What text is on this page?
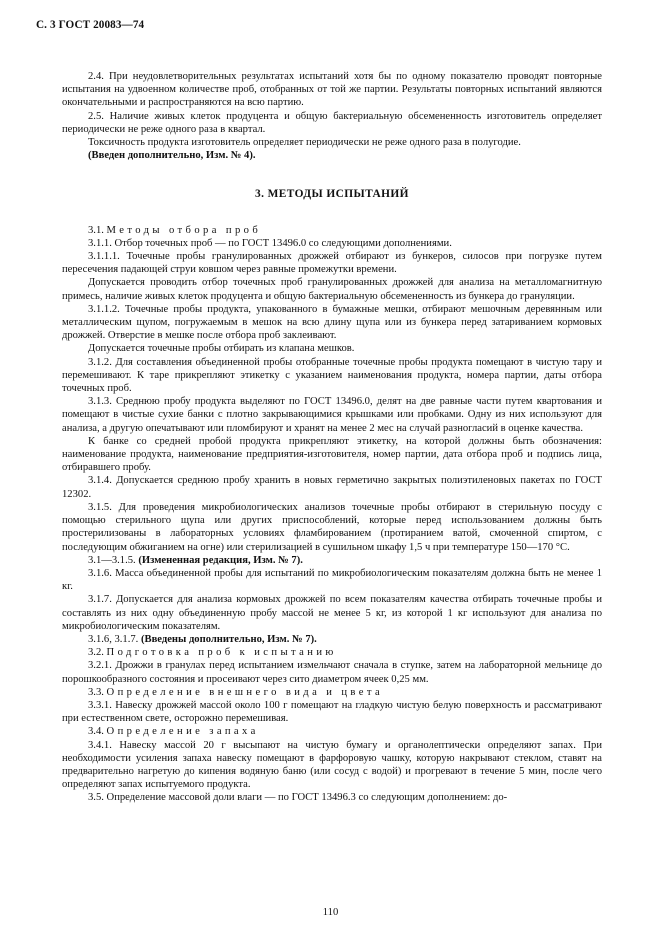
С. 3 ГОСТ 20083—74

2.4. При неудовлетворительных результатах испытаний хотя бы по одному показателю проводят повторные испытания на удвоенном количестве проб, отобранных от той же партии. Результаты повторных испытаний являются окончательными и распространяются на всю партию.

2.5. Наличие живых клеток продуцента и общую бактериальную обсемененность изготовитель определяет периодически не реже одного раза в квартал.

Токсичность продукта изготовитель определяет периодически не реже одного раза в полугодие.

(Введен дополнительно, Изм. № 4).

3. МЕТОДЫ ИСПЫТАНИЙ

3.1. Методы отбора проб

3.1.1. Отбор точечных проб — по ГОСТ 13496.0 со следующими дополнениями.

3.1.1.1. Точечные пробы гранулированных дрожжей отбирают из бункеров, силосов при погрузке путем пересечения падающей струи ковшом через равные промежутки времени.

Допускается проводить отбор точечных проб гранулированных дрожжей для анализа на металломагнитную примесь, наличие живых клеток продуцента и общую бактериальную обсемененность из бункера до грануляции.

3.1.1.2. Точечные пробы продукта, упакованного в бумажные мешки, отбирают мешочным деревянным или металлическим щупом, погружаемым в мешок на всю длину щупа или из бункера перед затариванием кормовых дрожжей. Отверстие в мешке после отбора проб заклеивают.

Допускается точечные пробы отбирать из клапана мешков.

3.1.2. Для составления объединенной пробы отобранные точечные пробы продукта помещают в чистую тару и перемешивают. К таре прикрепляют этикетку с указанием наименования продукта, номера партии, даты отбора точечных проб.

3.1.3. Среднюю пробу продукта выделяют по ГОСТ 13496.0, делят на две равные части путем квартования и помещают в чистые сухие банки с плотно закрывающимися крышками или пробками. Одну из них используют для анализа, а другую опечатывают или пломбируют и хранят на менее 2 мес на случай разногласий в оценке качества.

К банке со средней пробой продукта прикрепляют этикетку, на которой должны быть обозначения: наименование продукта, наименование предприятия-изготовителя, номер партии, дата отбора проб и подпись лица, отбиравшего пробу.

3.1.4. Допускается среднюю пробу хранить в новых герметично закрытых полиэтиленовых пакетах по ГОСТ 12302.

3.1.5. Для проведения микробиологических анализов точечные пробы отбирают в стерильную посуду с помощью стерильного щупа или других приспособлений, которые перед использованием должны быть простерилизованы в лабораторных условиях фламбированием (протиранием ватой, смоченной спиртом, с последующим обжиганием на огне) или стерилизацией в сушильном шкафу 1,5 ч при температуре 150—170 °С.

3.1—3.1.5. (Измененная редакция, Изм. № 7).

3.1.6. Масса объединенной пробы для испытаний по микробиологическим показателям должна быть не менее 1 кг.

3.1.7. Допускается для анализа кормовых дрожжей по всем показателям качества отбирать точечные пробы и составлять из них одну объединенную пробу массой не менее 5 кг, из которой 1 кг используют для анализа по микробиологическим показателям.

3.1.6, 3.1.7. (Введены дополнительно, Изм. № 7).

3.2. Подготовка проб к испытанию

3.2.1. Дрожжи в гранулах перед испытанием измельчают сначала в ступке, затем на лабораторной мельнице до порошкообразного состояния и просеивают через сито диаметром ячеек 0,25 мм.

3.3. Определение внешнего вида и цвета

3.3.1. Навеску дрожжей массой около 100 г помещают на гладкую чистую белую поверхность и рассматривают при естественном свете, осторожно перемешивая.

3.4. Определение запаха

3.4.1. Навеску массой 20 г высыпают на чистую бумагу и органолептически определяют запах. При необходимости усиления запаха навеску помещают в фарфоровую чашку, которую накрывают стеклом, ставят на предварительно нагретую до кипения водяную баню (или сосуд с водой) и прогревают в течение 5 мин, после чего определяют запах испытуемого продукта.

3.5. Определение массовой доли влаги — по ГОСТ 13496.3 со следующим дополнением: до-

110
